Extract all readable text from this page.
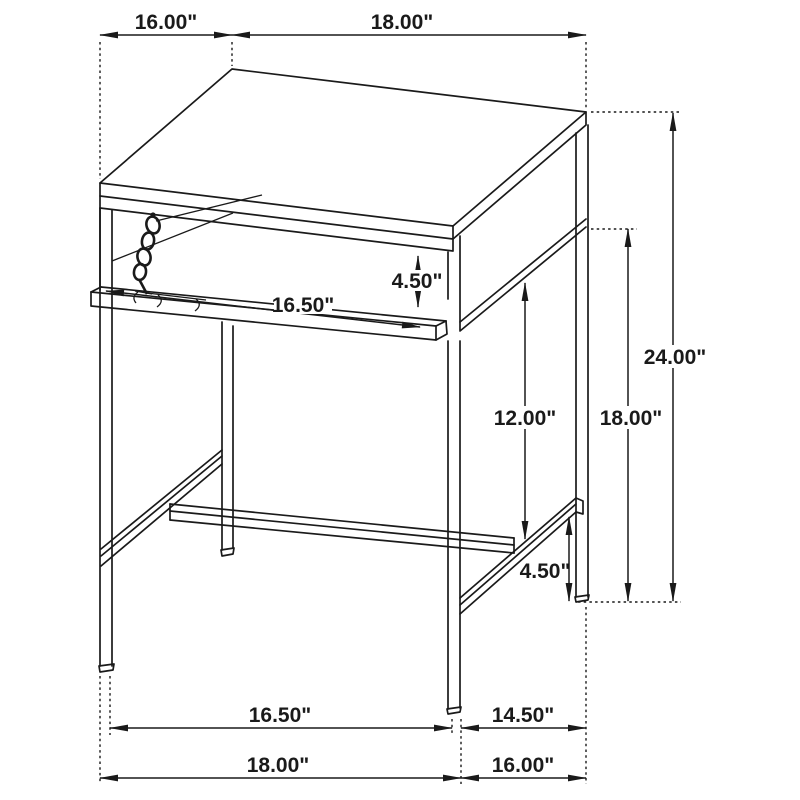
16.00"	18.00"
4.50"
16.50"
12.00" 18.00"
24.00"
4.50"
16.50"	14.50"
18.00"	16.00"
